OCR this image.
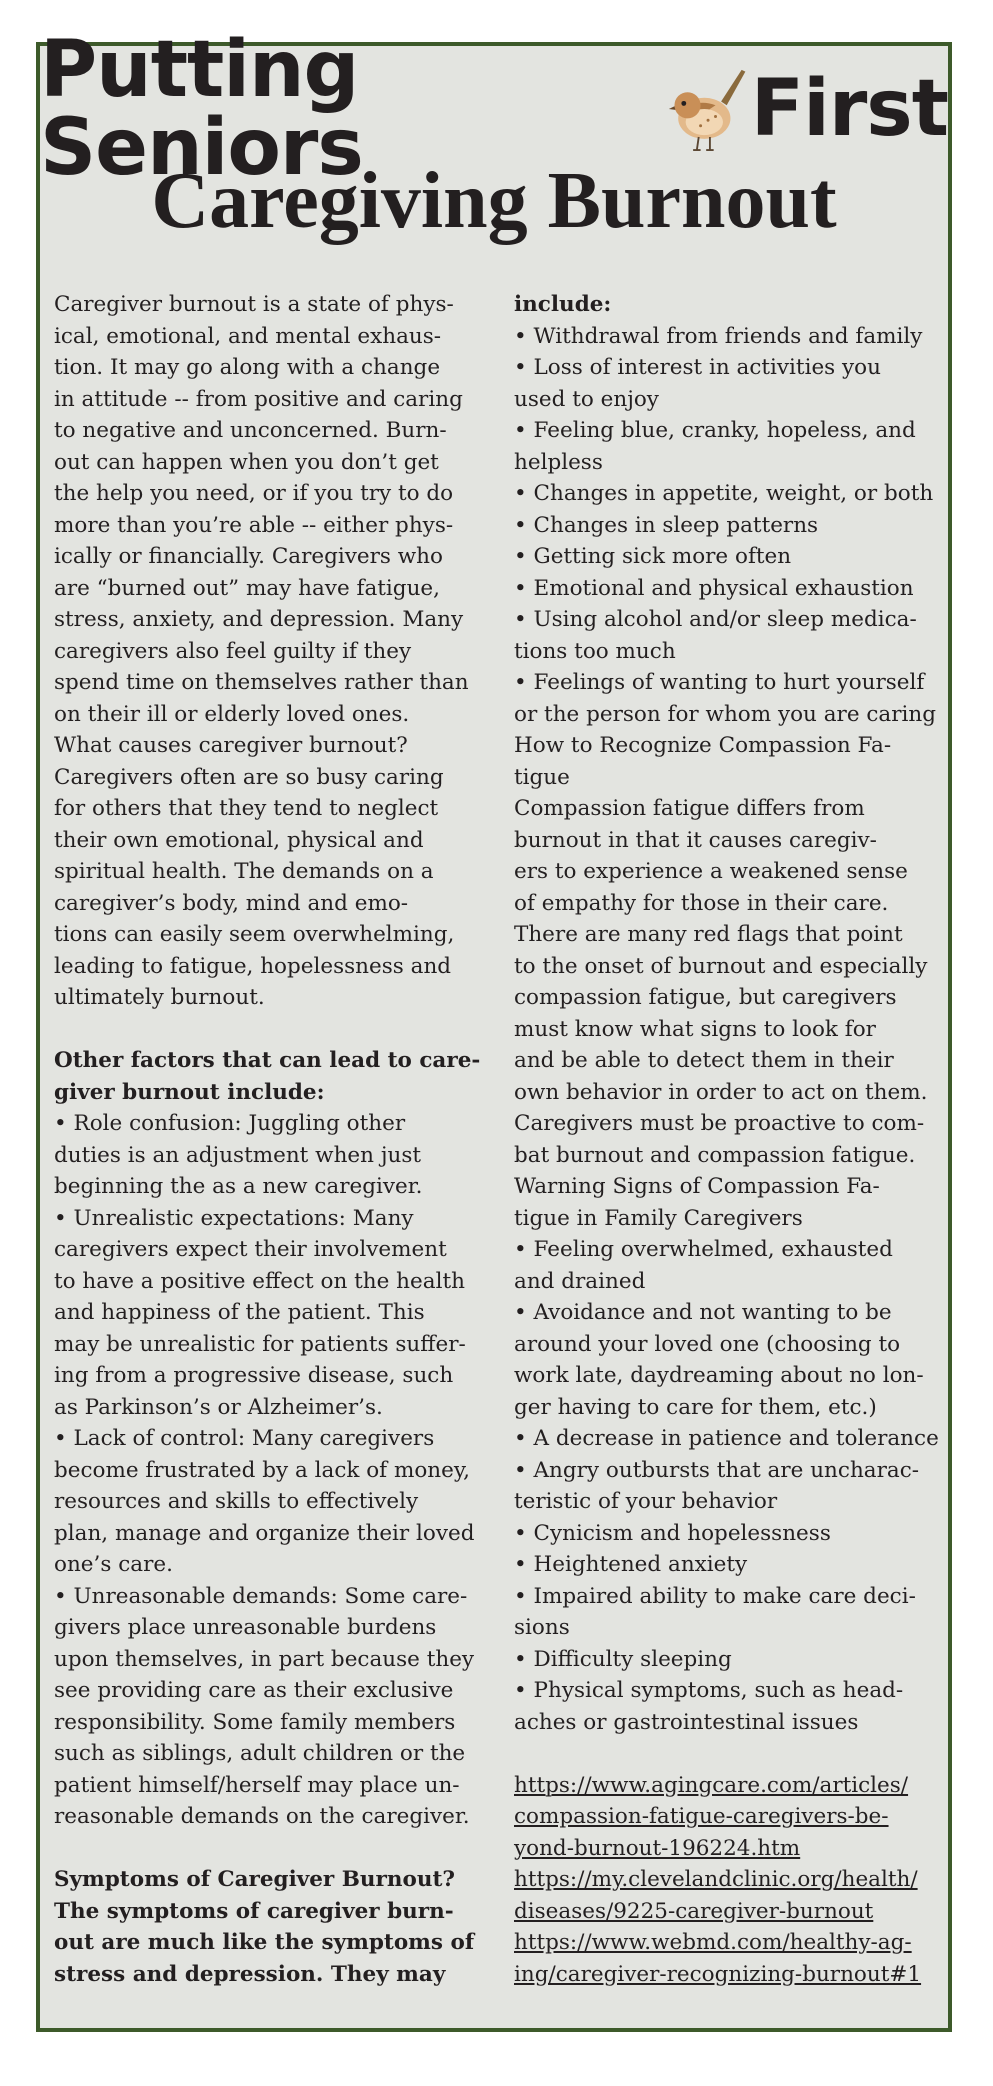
Putting Seniors	First
Caregiving Burnout
Caregiver burnout is a state of phys-
ical, emotional, and mental exhaus-
tion. It may go along with a change
in attitude -- from positive and caring
to negative and unconcerned. Burn-
out can happen when you don’t get
the help you need, or if you try to do
more than you’re able -- either phys-
ically or financially. Caregivers who
are “burned out” may have fatigue,
stress, anxiety, and depression. Many
caregivers also feel guilty if they
spend time on themselves rather than
on their ill or elderly loved ones.
What causes caregiver burnout?
Caregivers often are so busy caring
for others that they tend to neglect
their own emotional, physical and
spiritual health. The demands on a
caregiver’s body, mind and emo-
tions can easily seem overwhelming,
leading to fatigue, hopelessness and
ultimately burnout.
Other factors that can lead to care-
giver burnout include:
• Role confusion: Juggling other
duties is an adjustment when just
beginning the as a new caregiver.
• Unrealistic expectations: Many
caregivers expect their involvement
to have a positive effect on the health
and happiness of the patient. This
may be unrealistic for patients suffer-
ing from a progressive disease, such
as Parkinson’s or Alzheimer’s.
• Lack of control: Many caregivers
become frustrated by a lack of money,
resources and skills to effectively
plan, manage and organize their loved
one’s care.
• Unreasonable demands: Some care-
givers place unreasonable burdens
upon themselves, in part because they
see providing care as their exclusive
responsibility. Some family members
such as siblings, adult children or the
patient himself/herself may place un-
reasonable demands on the caregiver.
Symptoms of Caregiver Burnout?
The symptoms of caregiver burn-
out are much like the symptoms of
stress and depression. They may
include:
• Withdrawal from friends and family
• Loss of interest in activities you
used to enjoy
• Feeling blue, cranky, hopeless, and
helpless
• Changes in appetite, weight, or both
• Changes in sleep patterns
• Getting sick more often
• Emotional and physical exhaustion
• Using alcohol and/or sleep medica-
tions too much
• Feelings of wanting to hurt yourself
or the person for whom you are caring
How to Recognize Compassion Fa-
tigue
Compassion fatigue differs from
burnout in that it causes caregiv-
ers to experience a weakened sense
of empathy for those in their care.
There are many red flags that point
to the onset of burnout and especially
compassion fatigue, but caregivers
must know what signs to look for
and be able to detect them in their
own behavior in order to act on them.
Caregivers must be proactive to com-
bat burnout and compassion fatigue.
Warning Signs of Compassion Fa-
tigue in Family Caregivers
• Feeling overwhelmed, exhausted
and drained
• Avoidance and not wanting to be
around your loved one (choosing to
work late, daydreaming about no lon-
ger having to care for them, etc.)
• A decrease in patience and tolerance
• Angry outbursts that are uncharac-
teristic of your behavior
• Cynicism and hopelessness
• Heightened anxiety
• Impaired ability to make care deci-
sions
• Difficulty sleeping
• Physical symptoms, such as head-
aches or gastrointestinal issues
https://www.agingcare.com/articles/
compassion-fatigue-caregivers-be-
yond-burnout-196224.htm
https://my.clevelandclinic.org/health/
diseases/9225-caregiver-burnout
https://www.webmd.com/healthy-ag-
ing/caregiver-recognizing-burnout#1
